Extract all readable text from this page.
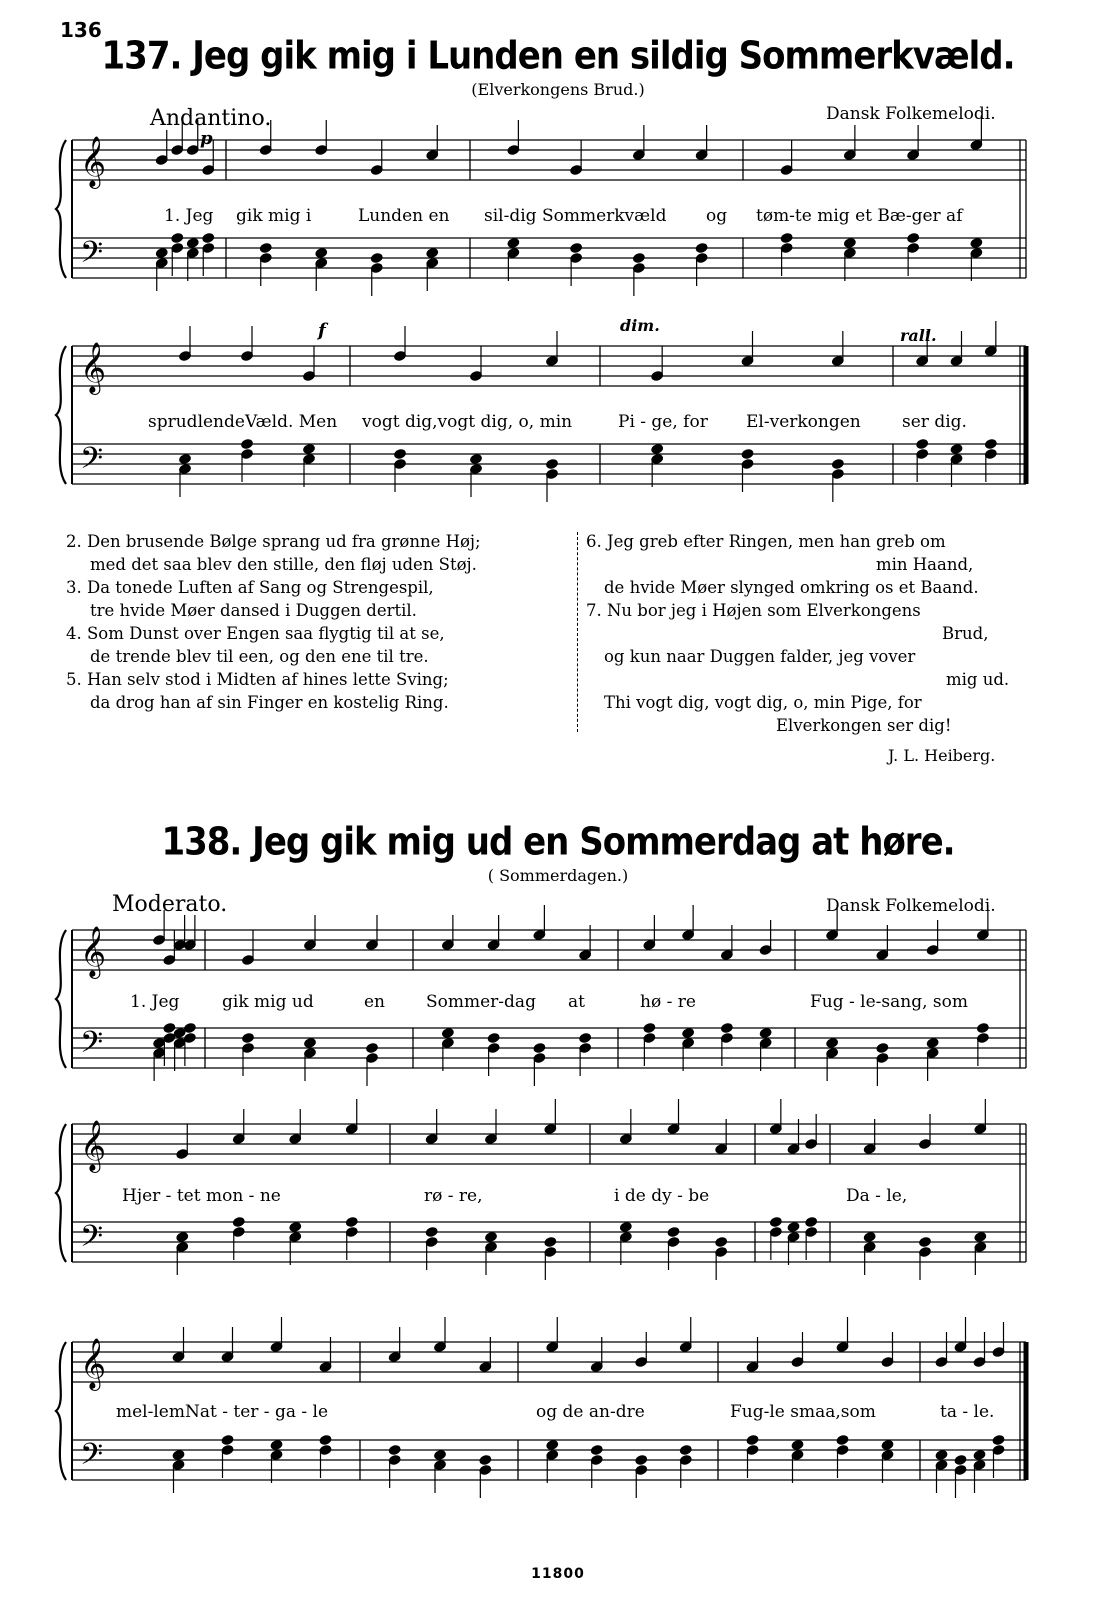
𝄞
𝄢
𝄞
𝄢
𝄞
𝄢
𝄞
𝄢
𝄞
𝄢
136
137. Jeg gik mig i Lunden en sildig Sommerkvæld.
(Elverkongens Brud.)
Andantino.	Dansk Folkemelodi.
p
f	dim.
rall.
1. Jeg gik mig i	Lunden en sil-dig Sommerkvæld og tøm-te mig et Bæ-ger af
sprudlendeVæld. Men vogt dig,vogt dig, o, min	Pi - ge, for El-verkongen ser dig.
2. Den brusende Bølge sprang ud fra grønne Høj;
med det saa blev den stille, den fløj uden Støj.
3. Da tonede Luften af Sang og Strengespil,
tre hvide Møer dansed i Duggen dertil.
4. Som Dunst over Engen saa flygtig til at se,
de trende blev til een, og den ene til tre.
5. Han selv stod i Midten af hines lette Sving;
da drog han af sin Finger en kostelig Ring.
6. Jeg greb efter Ringen, men han greb om
min Haand,
de hvide Møer slynged omkring os et Baand.
7. Nu bor jeg i Højen som Elverkongens
Brud,
og kun naar Duggen falder, jeg vover
mig ud.
Thi vogt dig, vogt dig, o, min Pige, for
Elverkongen ser dig!
J. L. Heiberg.
138. Jeg gik mig ud en Sommerdag at høre.
( Sommerdagen.)
Moderato.	Dansk Folkemelodi.
1. Jeg	gik mig ud	en Sommer-dag at	hø - re	Fug - le-sang, som
Hjer - tet mon - ne	rø - re,	i de dy - be	Da - le,
mel-lemNat - ter - ga - le	og de an-dre	Fug-le smaa,som	ta - le.
11800
